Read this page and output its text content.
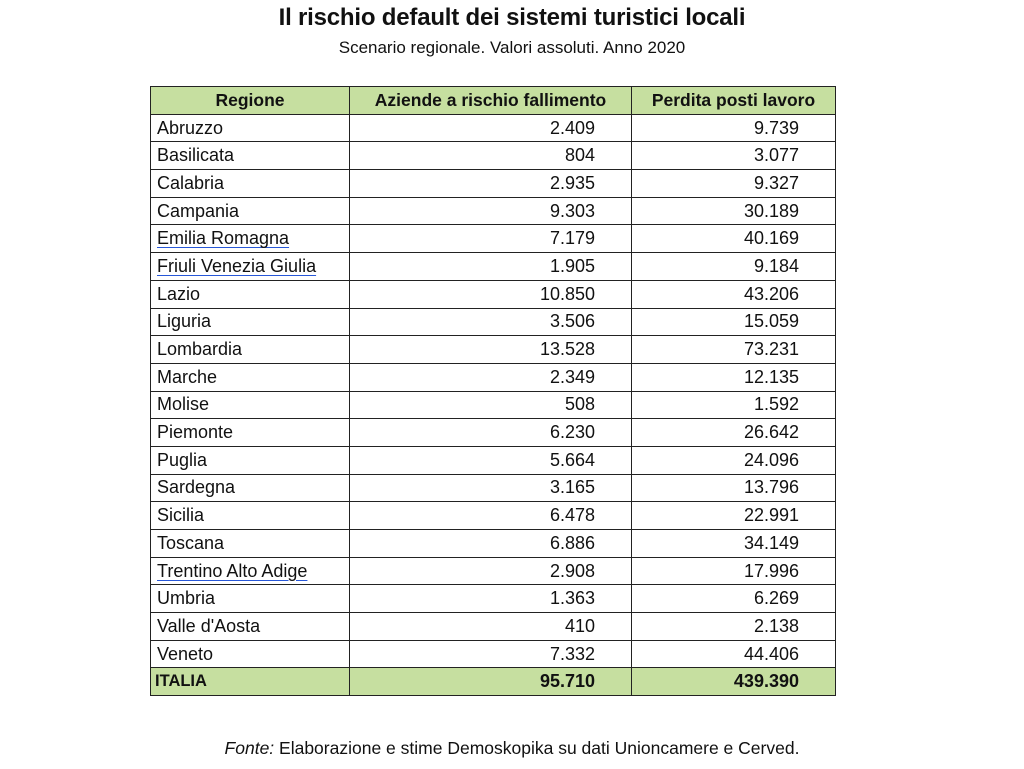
Il rischio default dei sistemi turistici locali
Scenario regionale. Valori assoluti. Anno 2020
Regione	Aziende a rischio fallimento	Perdita posti lavoro
Abruzzo	2.409	9.739
Basilicata	804	3.077
Calabria	2.935	9.327
Campania	9.303	30.189
Emilia Romagna	7.179	40.169
Friuli Venezia Giulia	1.905	9.184
Lazio	10.850	43.206
Liguria	3.506	15.059
Lombardia	13.528	73.231
Marche	2.349	12.135
Molise	508	1.592
Piemonte	6.230	26.642
Puglia	5.664	24.096
Sardegna	3.165	13.796
Sicilia	6.478	22.991
Toscana	6.886	34.149
Trentino Alto Adige	2.908	17.996
Umbria	1.363	6.269
Valle d'Aosta	410	2.138
Veneto	7.332	44.406
ITALIA	95.710	439.390
Fonte: Elaborazione e stime Demoskopika su dati Unioncamere e Cerved.
